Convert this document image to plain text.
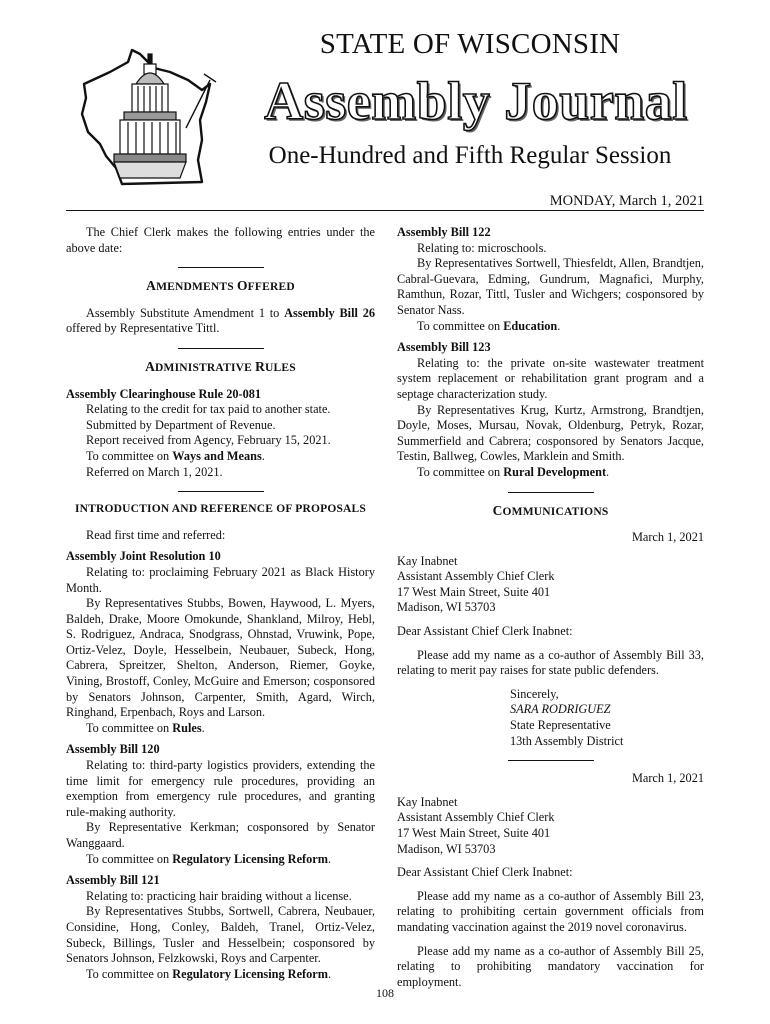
STATE OF WISCONSIN
Assembly Journal
One-Hundred and Fifth Regular Session
MONDAY, March 1, 2021

The Chief Clerk makes the following entries under the above date:

AMENDMENTS OFFERED

Assembly Substitute Amendment 1 to Assembly Bill 26 offered by Representative Tittl.

ADMINISTRATIVE RULES

Assembly Clearinghouse Rule 20-081

Relating to the credit for tax paid to another state.

Submitted by Department of Revenue.

Report received from Agency, February 15, 2021.

To committee on Ways and Means.

Referred on March 1, 2021.

INTRODUCTION AND REFERENCE OF PROPOSALS

Read first time and referred:

Assembly Joint Resolution 10

Relating to: proclaiming February 2021 as Black History Month.

By Representatives Stubbs, Bowen, Haywood, L. Myers, Baldeh, Drake, Moore Omokunde, Shankland, Milroy, Hebl, S. Rodriguez, Andraca, Snodgrass, Ohnstad, Vruwink, Pope, Ortiz-Velez, Doyle, Hesselbein, Neubauer, Subeck, Hong, Cabrera, Spreitzer, Shelton, Anderson, Riemer, Goyke, Vining, Brostoff, Conley, McGuire and Emerson; cosponsored by Senators Johnson, Carpenter, Smith, Agard, Wirch, Ringhand, Erpenbach, Roys and Larson.

To committee on Rules.

Assembly Bill 120

Relating to: third-party logistics providers, extending the time limit for emergency rule procedures, providing an exemption from emergency rule procedures, and granting rule-making authority.

By Representative Kerkman; cosponsored by Senator Wanggaard.

To committee on Regulatory Licensing Reform.

Assembly Bill 121

Relating to: practicing hair braiding without a license.

By Representatives Stubbs, Sortwell, Cabrera, Neubauer, Considine, Hong, Conley, Baldeh, Tranel, Ortiz-Velez, Subeck, Billings, Tusler and Hesselbein; cosponsored by Senators Johnson, Felzkowski, Roys and Carpenter.

To committee on Regulatory Licensing Reform.

Assembly Bill 122

Relating to: microschools.

By Representatives Sortwell, Thiesfeldt, Allen, Brandtjen, Cabral-Guevara, Edming, Gundrum, Magnafici, Murphy, Ramthun, Rozar, Tittl, Tusler and Wichgers; cosponsored by Senator Nass.

To committee on Education.

Assembly Bill 123

Relating to: the private on-site wastewater treatment system replacement or rehabilitation grant program and a septage characterization study.

By Representatives Krug, Kurtz, Armstrong, Brandtjen, Doyle, Moses, Mursau, Novak, Oldenburg, Petryk, Rozar, Summerfield and Cabrera; cosponsored by Senators Jacque, Testin, Ballweg, Cowles, Marklein and Smith.

To committee on Rural Development.

COMMUNICATIONS

March 1, 2021

Kay Inabnet

Assistant Assembly Chief Clerk

17 West Main Street, Suite 401

Madison, WI 53703

Dear Assistant Chief Clerk Inabnet:

Please add my name as a co-author of Assembly Bill 33, relating to merit pay raises for state public defenders.

Sincerely,

SARA RODRIGUEZ

State Representative

13th Assembly District

March 1, 2021

Kay Inabnet

Assistant Assembly Chief Clerk

17 West Main Street, Suite 401

Madison, WI 53703

Dear Assistant Chief Clerk Inabnet:

Please add my name as a co-author of Assembly Bill 23, relating to prohibiting certain government officials from mandating vaccination against the 2019 novel coronavirus.

Please add my name as a co-author of Assembly Bill 25, relating to prohibiting mandatory vaccination for employment.

108
